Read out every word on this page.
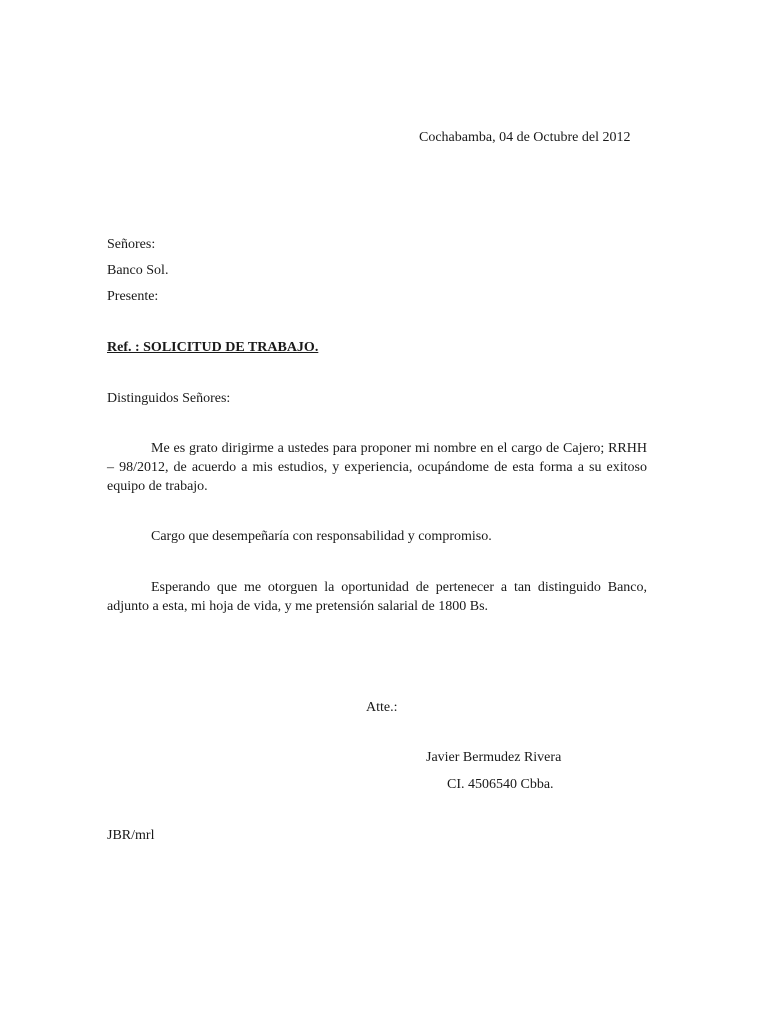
Cochabamba, 04 de Octubre del 2012
Señores:
Banco Sol.
Presente:
Ref. : SOLICITUD DE TRABAJO.
Distinguidos Señores:
Me es grato dirigirme a ustedes para proponer mi nombre en el cargo de Cajero; RRHH – 98/2012, de acuerdo a mis estudios, y experiencia, ocupándome de esta forma a su exitoso equipo de trabajo.
Cargo que desempeñaría con responsabilidad y compromiso.
Esperando que me otorguen la oportunidad de pertenecer a tan distinguido Banco, adjunto a esta, mi hoja de vida, y me pretensión salarial de 1800 Bs.
Atte.:
Javier Bermudez Rivera
CI. 4506540 Cbba.
JBR/mrl
